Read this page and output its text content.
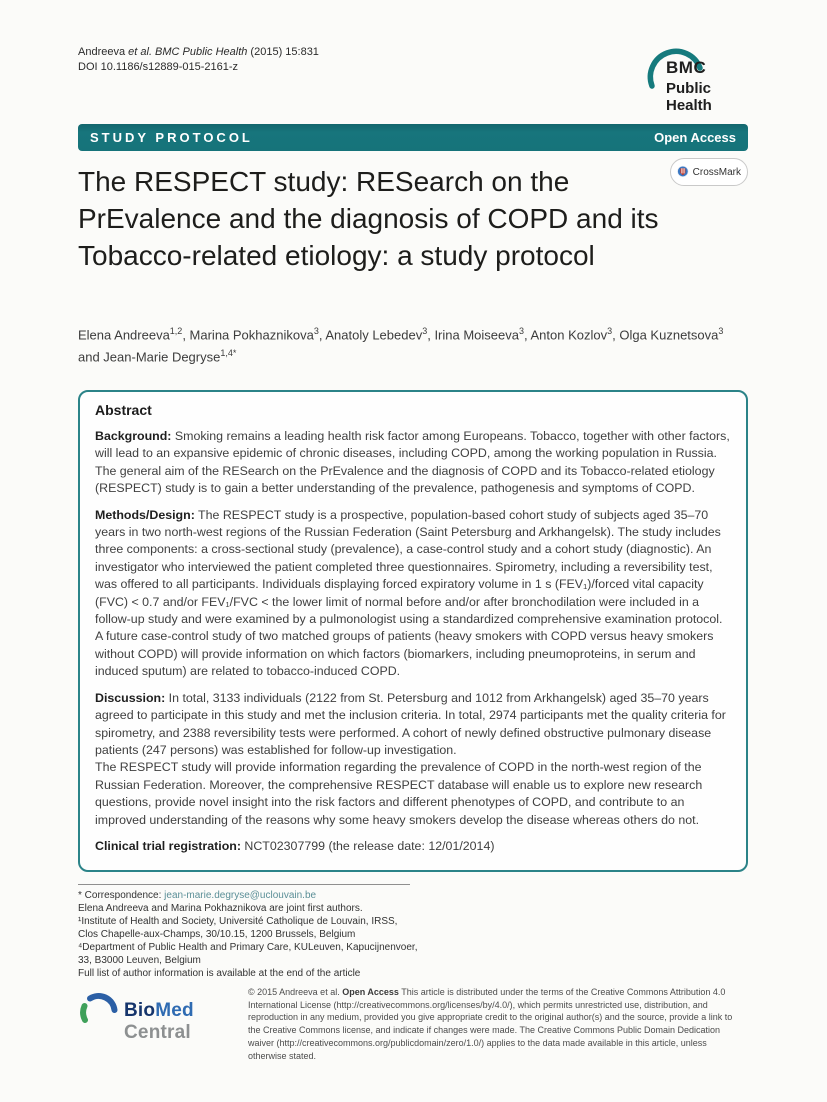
Andreeva et al. BMC Public Health (2015) 15:831
DOI 10.1186/s12889-015-2161-z	BMC
Public Health
STUDY PROTOCOL	Open Access
The RESPECT study: RESearch on the PrEvalence and the diagnosis of COPD and its Tobacco-related etiology: a study protocol
CrossMark
Elena Andreeva$^{1,2}$, Marina Pokhaznikova$^3$, Anatoly Lebedev$^3$, Irina Moiseeva$^3$, Anton Kozlov$^3$, Olga Kuznetsova$^3$ and Jean-Marie Degryse$^{1,4*}$
Abstract

Background: Smoking remains a leading health risk factor among Europeans. Tobacco, together with other factors, will lead to an expansive epidemic of chronic diseases, including COPD, among the working population in Russia. The general aim of the RESearch on the PrEvalence and the diagnosis of COPD and its Tobacco-related etiology (RESPECT) study is to gain a better understanding of the prevalence, pathogenesis and symptoms of COPD.

Methods/Design: The RESPECT study is a prospective, population-based cohort study of subjects aged 35–70 years in two north-west regions of the Russian Federation (Saint Petersburg and Arkhangelsk). The study includes three components: a cross-sectional study (prevalence), a case-control study and a cohort study (diagnostic). An investigator who interviewed the patient completed three questionnaires. Spirometry, including a reversibility test, was offered to all participants. Individuals displaying forced expiratory volume in 1 s (FEV₁)/forced vital capacity (FVC) < 0.7 and/or FEV₁/FVC < the lower limit of normal before and/or after bronchodilation were included in a follow-up study and were examined by a pulmonologist using a standardized comprehensive examination protocol. A future case-control study of two matched groups of patients (heavy smokers with COPD versus heavy smokers without COPD) will provide information on which factors (biomarkers, including pneumoproteins, in serum and induced sputum) are related to tobacco-induced COPD.

Discussion: In total, 3133 individuals (2122 from St. Petersburg and 1012 from Arkhangelsk) aged 35–70 years agreed to participate in this study and met the inclusion criteria. In total, 2974 participants met the quality criteria for spirometry, and 2388 reversibility tests were performed. A cohort of newly defined obstructive pulmonary disease patients (247 persons) was established for follow-up investigation.

The RESPECT study will provide information regarding the prevalence of COPD in the north-west region of the Russian Federation. Moreover, the comprehensive RESPECT database will enable us to explore new research questions, provide novel insight into the risk factors and different phenotypes of COPD, and contribute to an improved understanding of the reasons why some heavy smokers develop the disease whereas others do not.

Clinical trial registration: NCT02307799 (the release date: 12/01/2014)

* Correspondence: jean-marie.degryse@uclouvain.be
Elena Andreeva and Marina Pokhaznikova are joint first authors.
¹Institute of Health and Society, Université Catholique de Louvain, IRSS, Clos Chapelle-aux-Champs, 30/10.15, 1200 Brussels, Belgium
⁴Department of Public Health and Primary Care, KULeuven, Kapucijnenvoer, 33, B3000 Leuven, Belgium
Full list of author information is available at the end of the article
BioMed Central
© 2015 Andreeva et al. Open Access This article is distributed under the terms of the Creative Commons Attribution 4.0 International License (http://creativecommons.org/licenses/by/4.0/), which permits unrestricted use, distribution, and reproduction in any medium, provided you give appropriate credit to the original author(s) and the source, provide a link to the Creative Commons license, and indicate if changes were made. The Creative Commons Public Domain Dedication waiver (http://creativecommons.org/publicdomain/zero/1.0/) applies to the data made available in this article, unless otherwise stated.
